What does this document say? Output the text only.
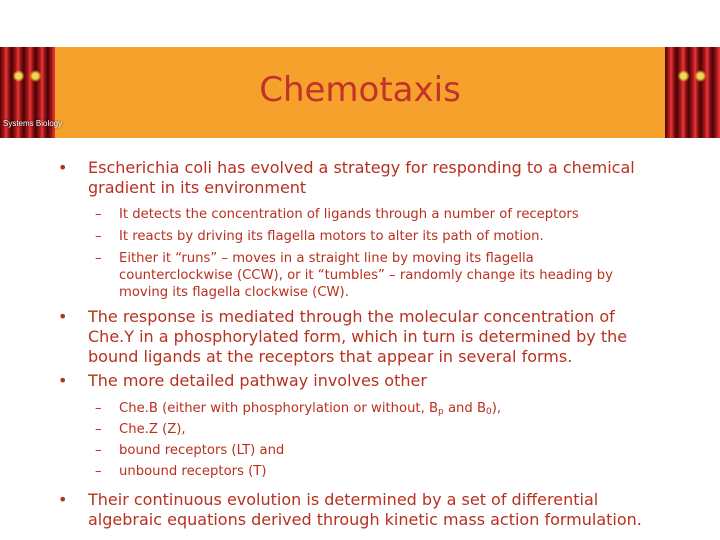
Systems Biology
Chemotaxis
• Escherichia coli has evolved a strategy for responding to a chemical gradient in its environment
– It detects the concentration of ligands through a number of receptors
– It reacts by driving its flagella motors to alter its path of motion.
– Either it “runs” – moves in a straight line by moving its flagella counterclockwise (CCW), or it “tumbles” – randomly change its heading by moving its flagella clockwise (CW).
• The response is mediated through the molecular concentration of Che.Y in a phosphorylated form, which in turn is determined by the bound ligands at the receptors that appear in several forms.
• The more detailed pathway involves other
– Che.B (either with phosphorylation or without, $B_p$ and $B_0$),
– Che.Z (Z),
– bound receptors (LT) and
– unbound receptors (T)
• Their continuous evolution is determined by a set of differential algebraic equations derived through kinetic mass action formulation.
